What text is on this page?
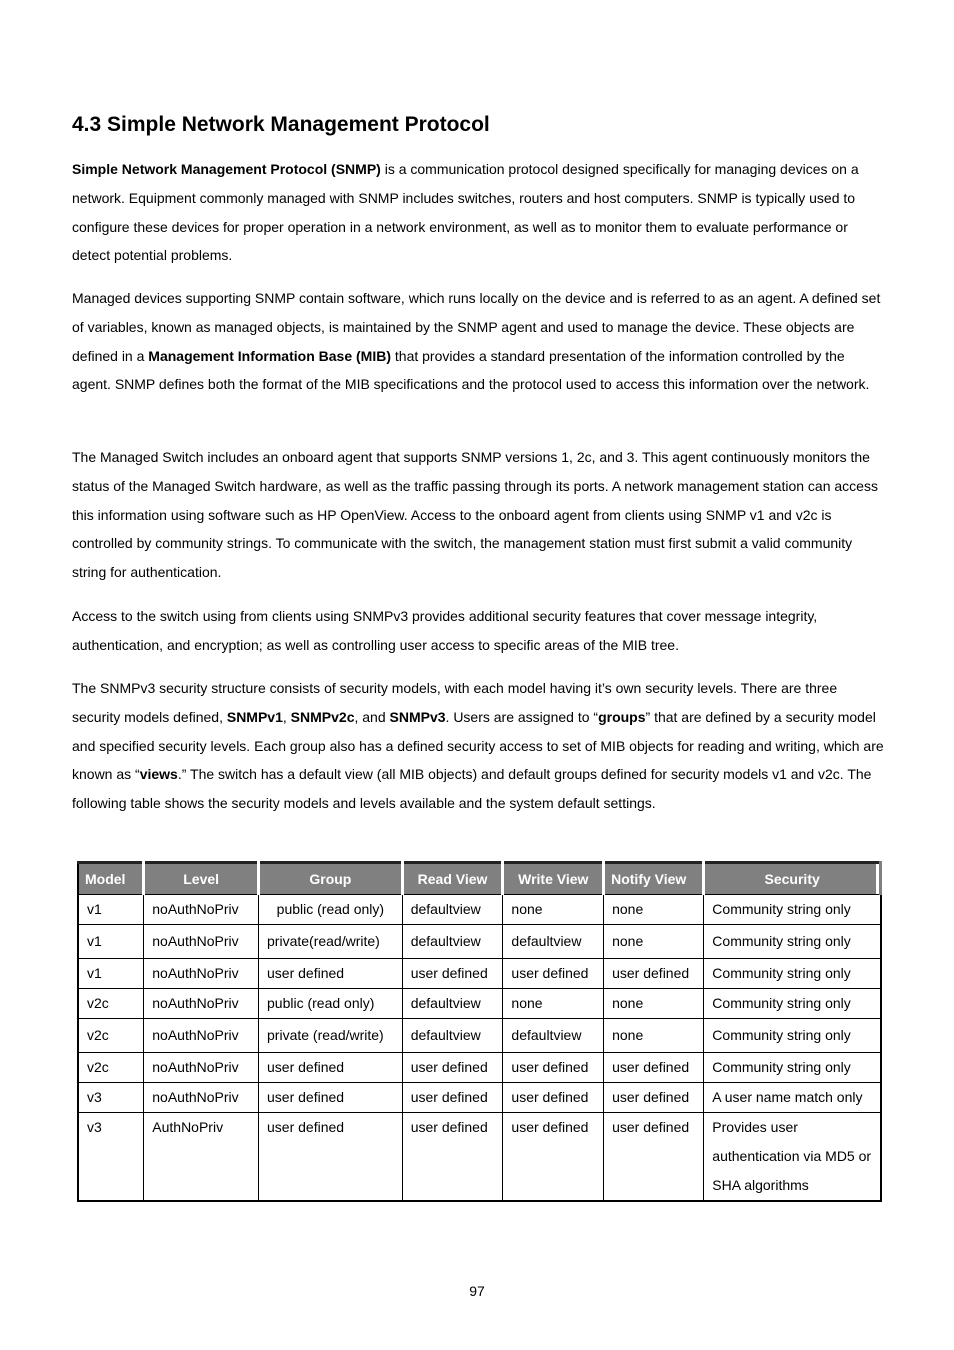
4.3 Simple Network Management Protocol

Simple Network Management Protocol (SNMP) is a communication protocol designed specifically for managing devices on a network. Equipment commonly managed with SNMP includes switches, routers and host computers. SNMP is typically used to configure these devices for proper operation in a network environment, as well as to monitor them to evaluate performance or detect potential problems.

Managed devices supporting SNMP contain software, which runs locally on the device and is referred to as an agent. A defined set of variables, known as managed objects, is maintained by the SNMP agent and used to manage the device. These objects are defined in a Management Information Base (MIB) that provides a standard presentation of the information controlled by the agent. SNMP defines both the format of the MIB specifications and the protocol used to access this information over the network.

The Managed Switch includes an onboard agent that supports SNMP versions 1, 2c, and 3. This agent continuously monitors the status of the Managed Switch hardware, as well as the traffic passing through its ports. A network management station can access this information using software such as HP OpenView. Access to the onboard agent from clients using SNMP v1 and v2c is controlled by community strings. To communicate with the switch, the management station must first submit a valid community string for authentication.

Access to the switch using from clients using SNMPv3 provides additional security features that cover message integrity, authentication, and encryption; as well as controlling user access to specific areas of the MIB tree.

The SNMPv3 security structure consists of security models, with each model having it’s own security levels. There are three security models defined, SNMPv1, SNMPv2c, and SNMPv3. Users are assigned to “groups” that are defined by a security model and specified security levels. Each group also has a defined security access to set of MIB objects for reading and writing, which are known as “views.” The switch has a default view (all MIB objects) and default groups defined for security models v1 and v2c. The following table shows the security models and levels available and the system default settings.

Model	Level	Group	Read View	Write View	Notify View	Security
v1	noAuthNoPriv	public (read only)	defaultview	none	none	Community string only
v1	noAuthNoPriv	private(read/write)	defaultview	defaultview	none	Community string only
v1	noAuthNoPriv	user defined	user defined	user defined	user defined	Community string only
v2c	noAuthNoPriv	public (read only)	defaultview	none	none	Community string only
v2c	noAuthNoPriv	private (read/write)	defaultview	defaultview	none	Community string only
v2c	noAuthNoPriv	user defined	user defined	user defined	user defined	Community string only
v3	noAuthNoPriv	user defined	user defined	user defined	user defined	A user name match only
v3	AuthNoPriv	user defined	user defined	user defined	user defined	Provides user authentication via MD5 or SHA algorithms
97
